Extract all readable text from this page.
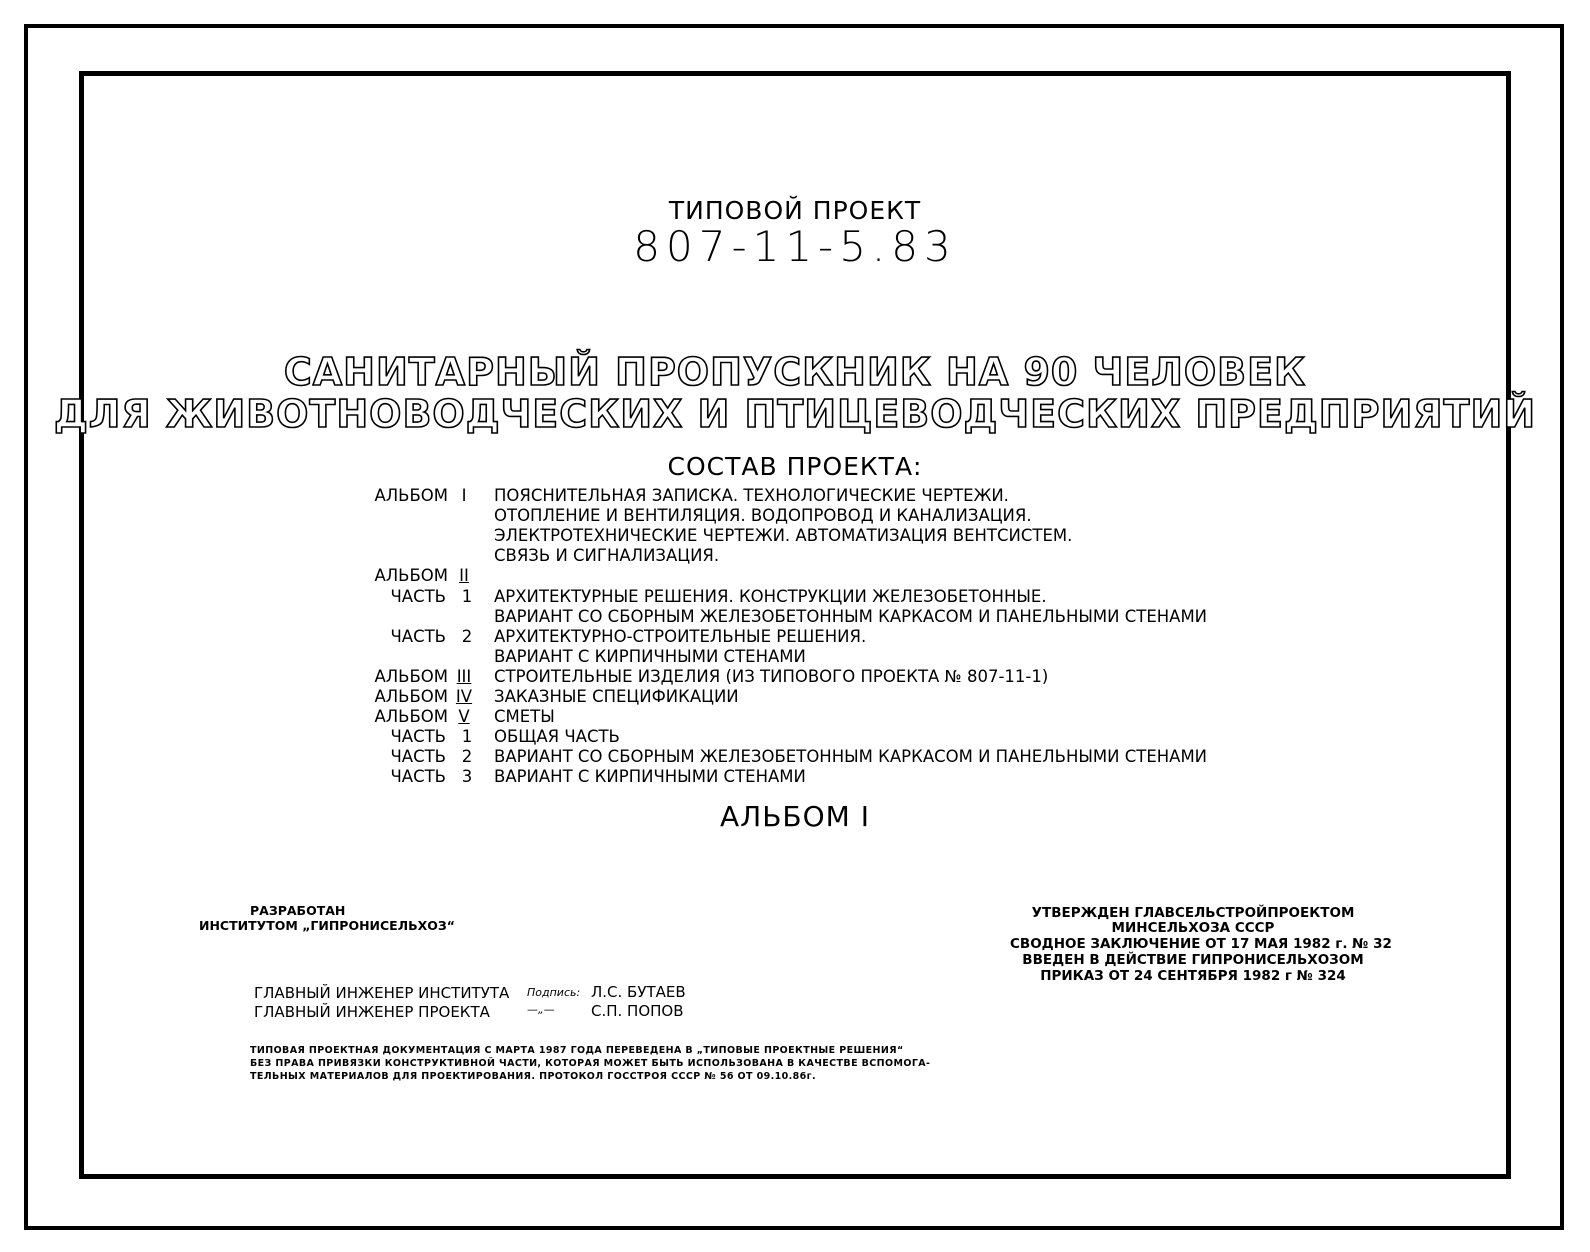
ТИПОВОЙ ПРОЕКТ
807-11-5.83
САНИТАРНЫЙ ПРОПУСКНИК НА 90 ЧЕЛОВЕК
ДЛЯ ЖИВОТНОВОДЧЕСКИХ И ПТИЦЕВОДЧЕСКИХ ПРЕДПРИЯТИЙ
СОСТАВ ПРОЕКТА:
АЛЬБОМ I	ПОЯСНИТЕЛЬНАЯ ЗАПИСКА. ТЕХНОЛОГИЧЕСКИЕ ЧЕРТЕЖИ.
ОТОПЛЕНИЕ И ВЕНТИЛЯЦИЯ. ВОДОПРОВОД И КАНАЛИЗАЦИЯ.
ЭЛЕКТРОТЕХНИЧЕСКИЕ ЧЕРТЕЖИ. АВТОМАТИЗАЦИЯ ВЕНТСИСТЕМ.
СВЯЗЬ И СИГНАЛИЗАЦИЯ.
АЛЬБОМ II
ЧАСТЬ 1	АРХИТЕКТУРНЫЕ РЕШЕНИЯ. КОНСТРУКЦИИ ЖЕЛЕЗОБЕТОННЫЕ.
ВАРИАНТ СО СБОРНЫМ ЖЕЛЕЗОБЕТОННЫМ КАРКАСОМ И ПАНЕЛЬНЫМИ СТЕНАМИ
ЧАСТЬ 2	АРХИТЕКТУРНО-СТРОИТЕЛЬНЫЕ РЕШЕНИЯ.
ВАРИАНТ С КИРПИЧНЫМИ СТЕНАМИ
АЛЬБОМ III СТРОИТЕЛЬНЫЕ ИЗДЕЛИЯ (ИЗ ТИПОВОГО ПРОЕКТА № 807-11-1)
АЛЬБОМ IV ЗАКАЗНЫЕ СПЕЦИФИКАЦИИ
АЛЬБОМ V	СМЕТЫ
ЧАСТЬ 1	ОБЩАЯ ЧАСТЬ
ЧАСТЬ 2	ВАРИАНТ СО СБОРНЫМ ЖЕЛЕЗОБЕТОННЫМ КАРКАСОМ И ПАНЕЛЬНЫМИ СТЕНАМИ
ЧАСТЬ 3	ВАРИАНТ С КИРПИЧНЫМИ СТЕНАМИ
АЛЬБОМ I
РАЗРАБОТАН
ИНСТИТУТОМ „ГИПРОНИСЕЛЬХОЗ“
УТВЕРЖДЕН ГЛАВСЕЛЬСТРОЙПРОЕКТОМ
МИНСЕЛЬХОЗА СССР
СВОДНОЕ ЗАКЛЮЧЕНИЕ ОТ 17 МАЯ 1982 г. № 32
ВВЕДЕН В ДЕЙСТВИЕ ГИПРОНИСЕЛЬХОЗОМ
ПРИКАЗ ОТ 24 СЕНТЯБРЯ 1982 г № 324
ГЛАВНЫЙ ИНЖЕНЕР ИНСТИТУТА Подпись: Л.С. БУТАЕВ
ГЛАВНЫЙ ИНЖЕНЕР ПРОЕКТА	—„— С.П. ПОПОВ
ТИПОВАЯ ПРОЕКТНАЯ ДОКУМЕНТАЦИЯ С МАРТА 1987 ГОДА ПЕРЕВЕДЕНА В „ТИПОВЫЕ ПРОЕКТНЫЕ РЕШЕНИЯ“
БЕЗ ПРАВА ПРИВЯЗКИ КОНСТРУКТИВНОЙ ЧАСТИ, КОТОРАЯ МОЖЕТ БЫТЬ ИСПОЛЬЗОВАНА В КАЧЕСТВЕ ВСПОМОГА-
ТЕЛЬНЫХ МАТЕРИАЛОВ ДЛЯ ПРОЕКТИРОВАНИЯ. ПРОТОКОЛ ГОССТРОЯ СССР № 56 ОТ 09.10.86г.
